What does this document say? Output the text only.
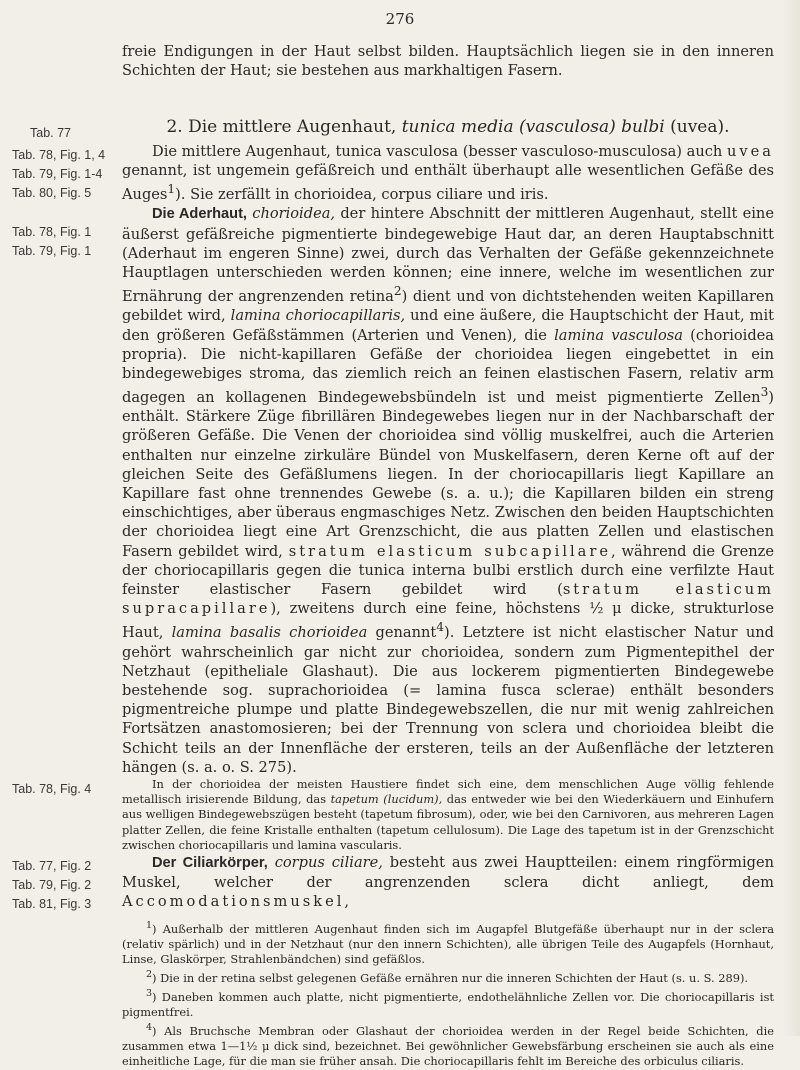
276
Tab. 77
Tab. 78, Fig. 1, 4
Tab. 79, Fig. 1-4
Tab. 80, Fig. 5
Tab. 78, Fig. 1
Tab. 79, Fig. 1
Tab. 78, Fig. 4
Tab. 77, Fig. 2
Tab. 79, Fig. 2
Tab. 81, Fig. 3
freie Endigungen in der Haut selbst bilden. Hauptsächlich liegen sie in den inneren Schichten der Haut; sie bestehen aus markhaltigen Fasern.
2. Die mittlere Augenhaut, tunica media (vasculosa) bulbi (uvea).

Die mittlere Augenhaut, tunica vasculosa (besser vasculoso-musculosa) auch uvea genannt, ist ungemein gefäßreich und enthält überhaupt alle wesentlichen Gefäße des Auges$^1$). Sie zerfällt in chorioidea, corpus ciliare und iris.

Die Aderhaut, chorioidea, der hintere Abschnitt der mittleren Augenhaut, stellt eine äußerst gefäßreiche pigmentierte bindegewebige Haut dar, an deren Hauptabschnitt (Aderhaut im engeren Sinne) zwei, durch das Verhalten der Gefäße gekennzeichnete Hauptlagen unterschieden werden können; eine innere, welche im wesentlichen zur Ernährung der angrenzenden retina$^2$) dient und von dichtstehenden weiten Kapillaren gebildet wird, lamina choriocapillaris, und eine äußere, die Hauptschicht der Haut, mit den größeren Gefäßstämmen (Arterien und Venen), die lamina vasculosa (chorioidea propria). Die nicht-kapillaren Gefäße der chorioidea liegen eingebettet in ein bindegewebiges stroma, das ziemlich reich an feinen elastischen Fasern, relativ arm dagegen an kollagenen Bindegewebsbündeln ist und meist pigmentierte Zellen$^3$) enthält. Stärkere Züge fibrillären Bindegewebes liegen nur in der Nachbarschaft der größeren Gefäße. Die Venen der chorioidea sind völlig muskelfrei, auch die Arterien enthalten nur einzelne zirkuläre Bündel von Muskelfasern, deren Kerne oft auf der gleichen Seite des Gefäßlumens liegen. In der choriocapillaris liegt Kapillare an Kapillare fast ohne trennendes Gewebe (s. a. u.); die Kapillaren bilden ein streng einschichtiges, aber überaus engmaschiges Netz. Zwischen den beiden Hauptschichten der chorioidea liegt eine Art Grenzschicht, die aus platten Zellen und elastischen Fasern gebildet wird, stratum elasticum subcapillare, während die Grenze der choriocapillaris gegen die tunica interna bulbi erstlich durch eine verfilzte Haut feinster elastischer Fasern gebildet wird (stratum elasticum supracapillare), zweitens durch eine feine, höchstens ½ μ dicke, strukturlose Haut, lamina basalis chorioidea genannt$^4$). Letztere ist nicht elastischer Natur und gehört wahrscheinlich gar nicht zur chorioidea, sondern zum Pigmentepithel der Netzhaut (epitheliale Glashaut). Die aus lockerem pigmentierten Bindegewebe bestehende sog. suprachorioidea (= lamina fusca sclerae) enthält besonders pigmentreiche plumpe und platte Bindegewebszellen, die nur mit wenig zahlreichen Fortsätzen anastomosieren; bei der Trennung von sclera und chorioidea bleibt die Schicht teils an der Innenfläche der ersteren, teils an der Außenfläche der letzteren hängen (s. a. o. S. 275).

In der chorioidea der meisten Haustiere findet sich eine, dem menschlichen Auge völlig fehlende metallisch irisierende Bildung, das tapetum (lucidum), das entweder wie bei den Wiederkäuern und Einhufern aus welligen Bindegewebszügen besteht (tapetum fibrosum), oder, wie bei den Carnivoren, aus mehreren Lagen platter Zellen, die feine Kristalle enthalten (tapetum cellulosum). Die Lage des tapetum ist in der Grenzschicht zwischen choriocapillaris und lamina vascularis.

Der Ciliarkörper, corpus ciliare, besteht aus zwei Hauptteilen: einem ringförmigen Muskel, welcher der angrenzenden sclera dicht anliegt, dem Accomodationsmuskel,

$^1$) Außerhalb der mittleren Augenhaut finden sich im Augapfel Blutgefäße überhaupt nur in der sclera (relativ spärlich) und in der Netzhaut (nur den innern Schichten), alle übrigen Teile des Augapfels (Hornhaut, Linse, Glaskörper, Strahlenbändchen) sind gefäßlos.

$^2$) Die in der retina selbst gelegenen Gefäße ernähren nur die inneren Schichten der Haut (s. u. S. 289).

$^3$) Daneben kommen auch platte, nicht pigmentierte, endothelähnliche Zellen vor. Die choriocapillaris ist pigmentfrei.

$^4$) Als Bruchsche Membran oder Glashaut der chorioidea werden in der Regel beide Schichten, die zusammen etwa 1—1½ μ dick sind, bezeichnet. Bei gewöhnlicher Gewebsfärbung erscheinen sie auch als eine einheitliche Lage, für die man sie früher ansah. Die choriocapillaris fehlt im Bereiche des orbiculus ciliaris.
